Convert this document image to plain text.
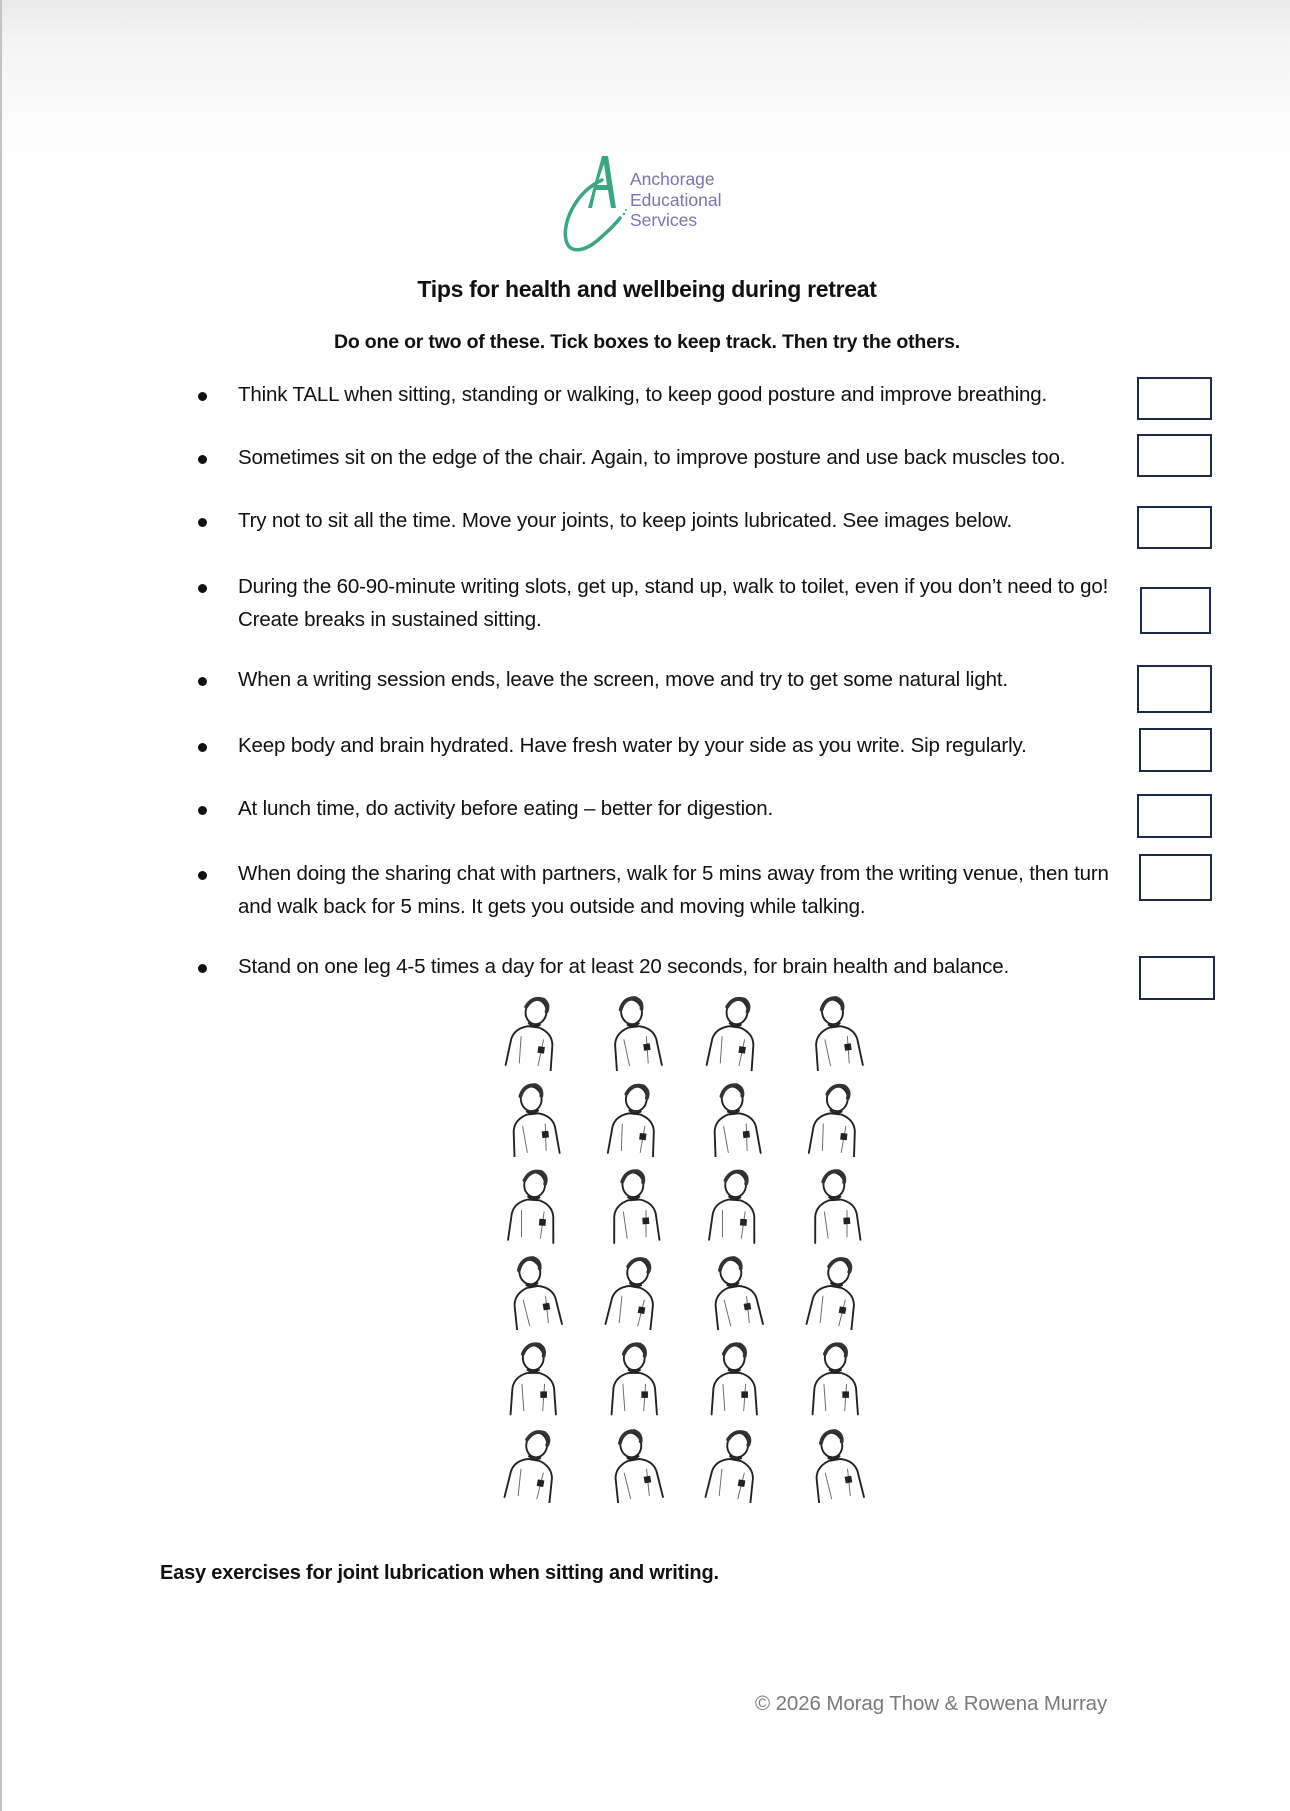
Anchorage
Educational
Services
Tips for health and wellbeing during retreat
Do one or two of these. Tick boxes to keep track. Then try the others.
Think TALL when sitting, standing or walking, to keep good posture and improve breathing.
Sometimes sit on the edge of the chair. Again, to improve posture and use back muscles too.
Try not to sit all the time. Move your joints, to keep joints lubricated. See images below.
During the 60-90-minute writing slots, get up, stand up, walk to toilet, even if you don’t need to go! Create breaks in sustained sitting.
When a writing session ends, leave the screen, move and try to get some natural light.
Keep body and brain hydrated. Have fresh water by your side as you write. Sip regularly.
At lunch time, do activity before eating – better for digestion.
When doing the sharing chat with partners, walk for 5 mins away from the writing venue, then turn and walk back for 5 mins. It gets you outside and moving while talking.
Stand on one leg 4-5 times a day for at least 20 seconds, for brain health and balance.
Easy exercises for joint lubrication when sitting and writing.
© 2026 Morag Thow & Rowena Murray
